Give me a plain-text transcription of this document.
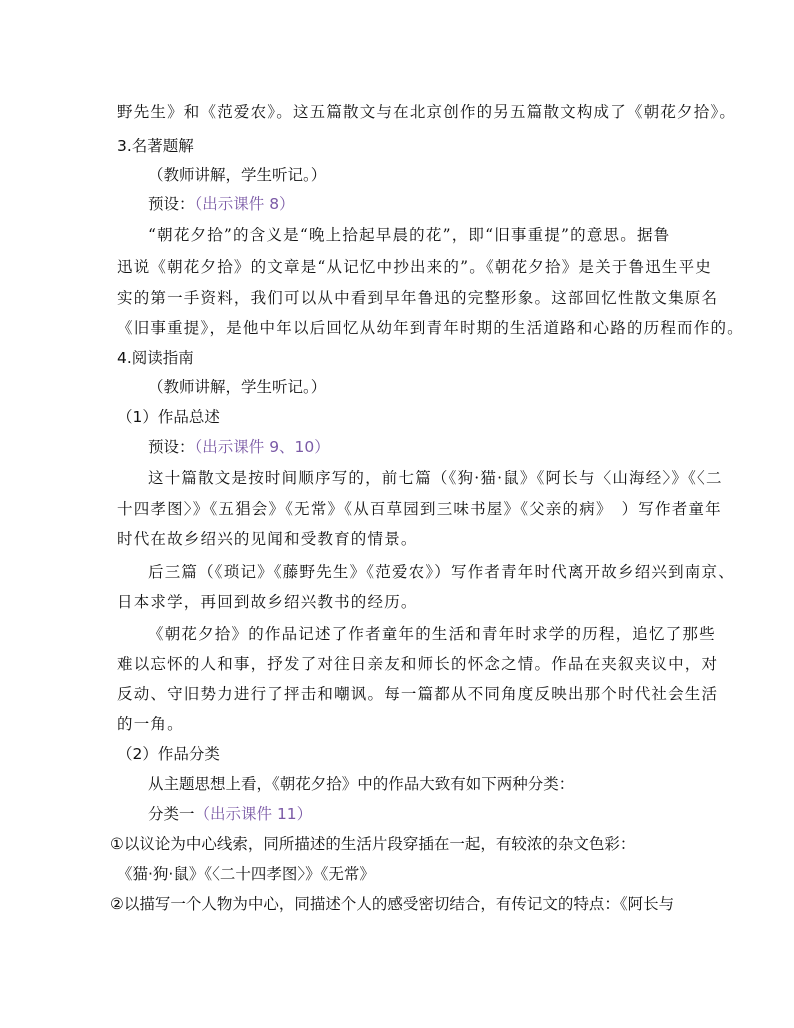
野先生》和《范爱农》。这五篇散文与在北京创作的另五篇散文构成了《朝花夕拾》。
3.名著题解
（教师讲解，学生听记。）
预设：（出示课件 8）
“朝花夕拾”的含义是“晚上拾起早晨的花”，即“旧事重提”的意思。据鲁
迅说《朝花夕拾》的文章是“从记忆中抄出来的”。《朝花夕拾》是关于鲁迅生平史
实的第一手资料，我们可以从中看到早年鲁迅的完整形象。这部回忆性散文集原名
《旧事重提》，是他中年以后回忆从幼年到青年时期的生活道路和心路的历程而作的。
4.阅读指南
（教师讲解，学生听记。）
（1）作品总述
预设：（出示课件 9、10）
这十篇散文是按时间顺序写的，前七篇（《狗·猫·鼠》《阿长与〈山海经〉》《〈二
十四孝图〉》《五猖会》《无常》《从百草园到三味书屋》《父亲的病》　）写作者童年
时代在故乡绍兴的见闻和受教育的情景。
后三篇（《琐记》《藤野先生》《范爱农》）写作者青年时代离开故乡绍兴到南京、
日本求学，再回到故乡绍兴教书的经历。
《朝花夕拾》的作品记述了作者童年的生活和青年时求学的历程，追忆了那些
难以忘怀的人和事，抒发了对往日亲友和师长的怀念之情。作品在夹叙夹议中，对
反动、守旧势力进行了抨击和嘲讽。每一篇都从不同角度反映出那个时代社会生活
的一角。
（2）作品分类
从主题思想上看，《朝花夕拾》中的作品大致有如下两种分类：
分类一（出示课件 11）
①以议论为中心线索，同所描述的生活片段穿插在一起，有较浓的杂文色彩：
《猫·狗·鼠》《〈二十四孝图〉》《无常》
②以描写一个人物为中心，同描述个人的感受密切结合，有传记文的特点：《阿长与
